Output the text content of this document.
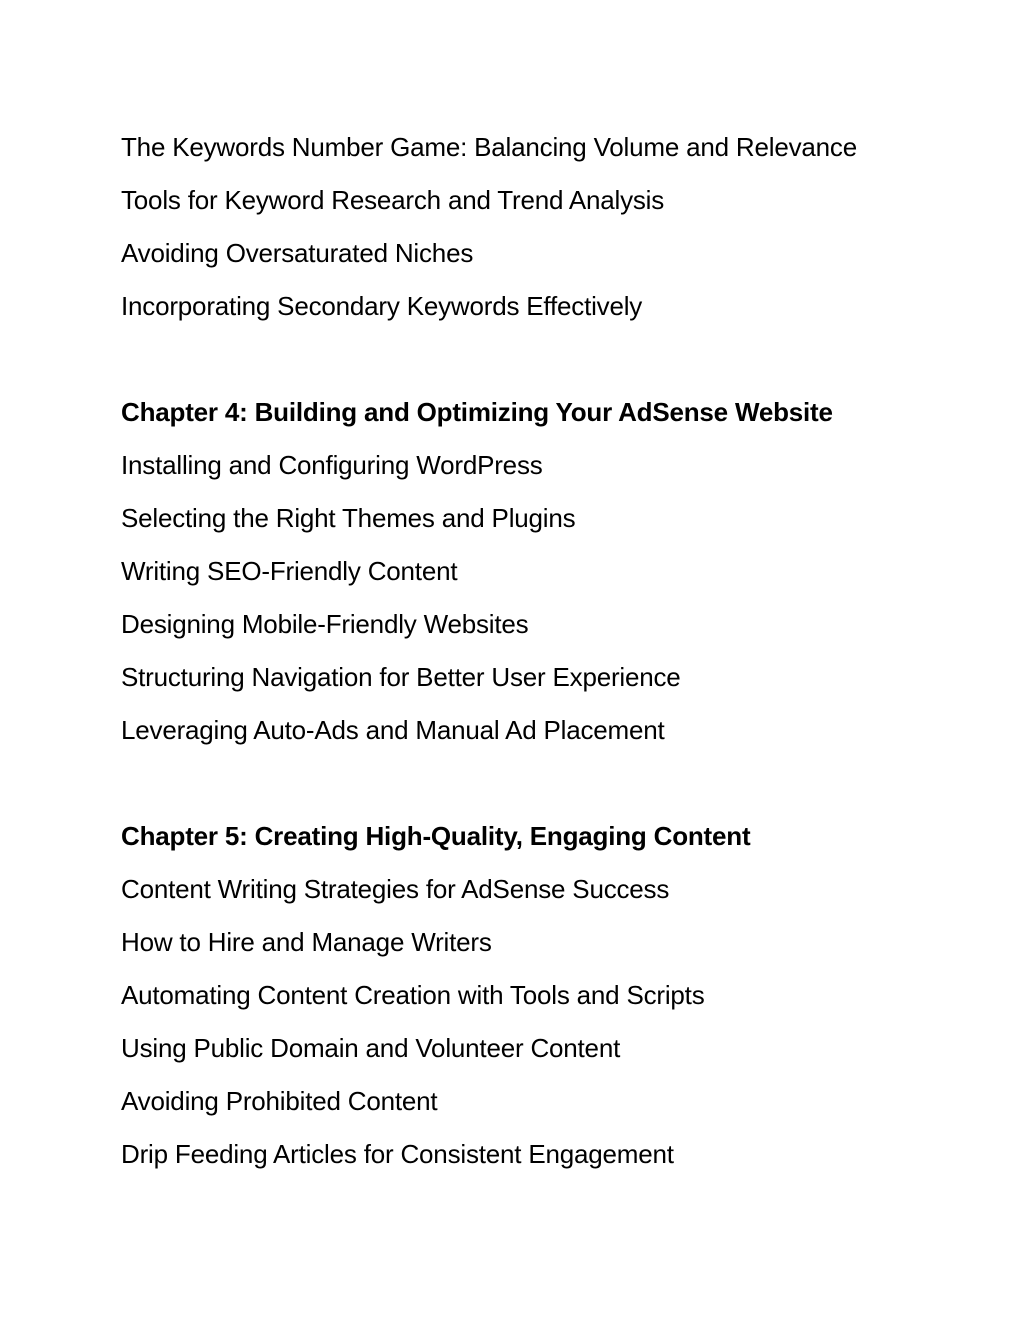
The Keywords Number Game: Balancing Volume and Relevance
Tools for Keyword Research and Trend Analysis
Avoiding Oversaturated Niches
Incorporating Secondary Keywords Effectively
Chapter 4: Building and Optimizing Your AdSense Website
Installing and Configuring WordPress
Selecting the Right Themes and Plugins
Writing SEO-Friendly Content
Designing Mobile-Friendly Websites
Structuring Navigation for Better User Experience
Leveraging Auto-Ads and Manual Ad Placement
Chapter 5: Creating High-Quality, Engaging Content
Content Writing Strategies for AdSense Success
How to Hire and Manage Writers
Automating Content Creation with Tools and Scripts
Using Public Domain and Volunteer Content
Avoiding Prohibited Content
Drip Feeding Articles for Consistent Engagement
